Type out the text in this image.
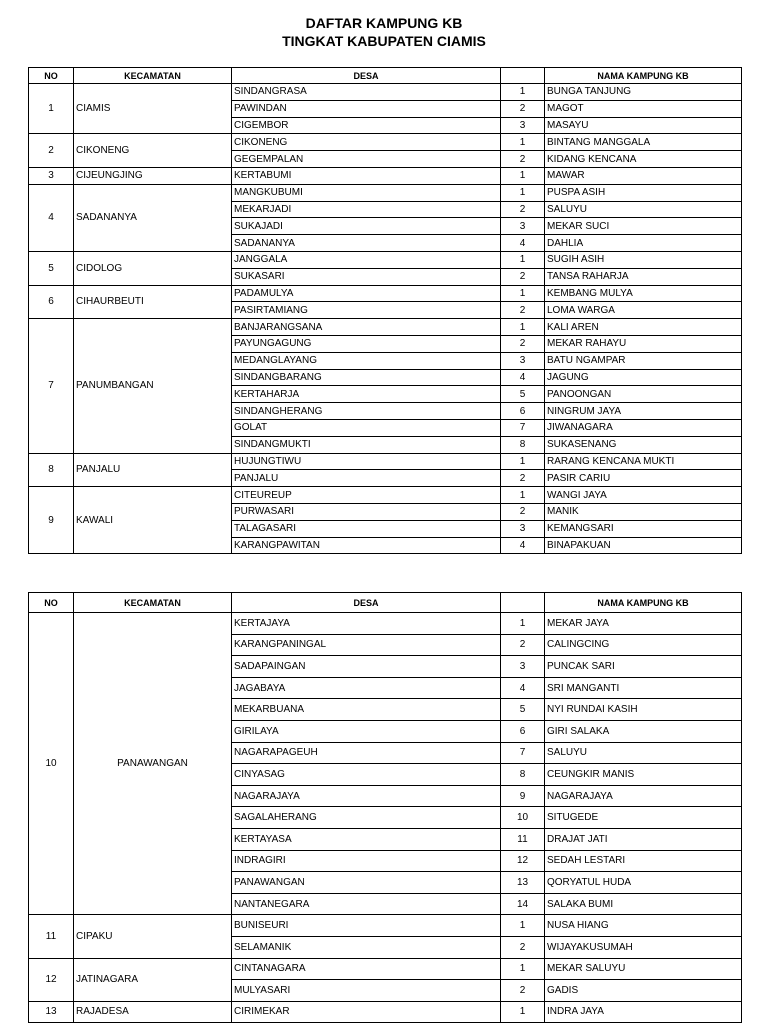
DAFTAR KAMPUNG KB
TINGKAT KABUPATEN CIAMIS
NO	KECAMATAN	DESA		NAMA KAMPUNG KB
1	CIAMIS	SINDANGRASA	1	BUNGA TANJUNG
		PAWINDAN	2	MAGOT
		CIGEMBOR	3	MASAYU
2	CIKONENG	CIKONENG	1	BINTANG MANGGALA
		GEGEMPALAN	2	KIDANG KENCANA
3	CIJEUNGJING	KERTABUMI	1	MAWAR
4	SADANANYA	MANGKUBUMI	1	PUSPA ASIH
		MEKARJADI	2	SALUYU
		SUKAJADI	3	MEKAR SUCI
		SADANANYA	4	DAHLIA
5	CIDOLOG	JANGGALA	1	SUGIH ASIH
		SUKASARI	2	TANSA RAHARJA
6	CIHAURBEUTI	PADAMULYA	1	KEMBANG MULYA
		PASIRTAMIANG	2	LOMA WARGA
7	PANUMBANGAN	BANJARANGSANA	1	KALI AREN
		PAYUNGAGUNG	2	MEKAR RAHAYU
		MEDANGLAYANG	3	BATU NGAMPAR
		SINDANGBARANG	4	JAGUNG
		KERTAHARJA	5	PANOONGAN
		SINDANGHERANG	6	NINGRUM JAYA
		GOLAT	7	JIWANAGARA
		SINDANGMUKTI	8	SUKASENANG
8	PANJALU	HUJUNGTIWU	1	RARANG KENCANA MUKTI
		PANJALU	2	PASIR CARIU
9	KAWALI	CITEUREUP	1	WANGI JAYA
		PURWASARI	2	MANIK
		TALAGASARI	3	KEMANGSARI
		KARANGPAWITAN	4	BINAPAKUAN
NO	KECAMATAN	DESA		NAMA KAMPUNG KB
10	PANAWANGAN	KERTAJAYA	1	MEKAR JAYA
		KARANGPANINGAL	2	CALINGCING
		SADAPAINGAN	3	PUNCAK SARI
		JAGABAYA	4	SRI MANGANTI
		MEKARBUANA	5	NYI RUNDAI KASIH
		GIRILAYA	6	GIRI SALAKA
		NAGARAPAGEUH	7	SALUYU
		CINYASAG	8	CEUNGKIR MANIS
		NAGARAJAYA	9	NAGARAJAYA
		SAGALAHERANG	10	SITUGEDE
		KERTAYASA	11	DRAJAT JATI
		INDRAGIRI	12	SEDAH LESTARI
		PANAWANGAN	13	QORYATUL HUDA
		NANTANEGARA	14	SALAKA BUMI
11	CIPAKU	BUNISEURI	1	NUSA HIANG
		SELAMANIK	2	WIJAYAKUSUMAH
12	JATINAGARA	CINTANAGARA	1	MEKAR SALUYU
		MULYASARI	2	GADIS
13	RAJADESA	CIRIMEKAR	1	INDRA JAYA
